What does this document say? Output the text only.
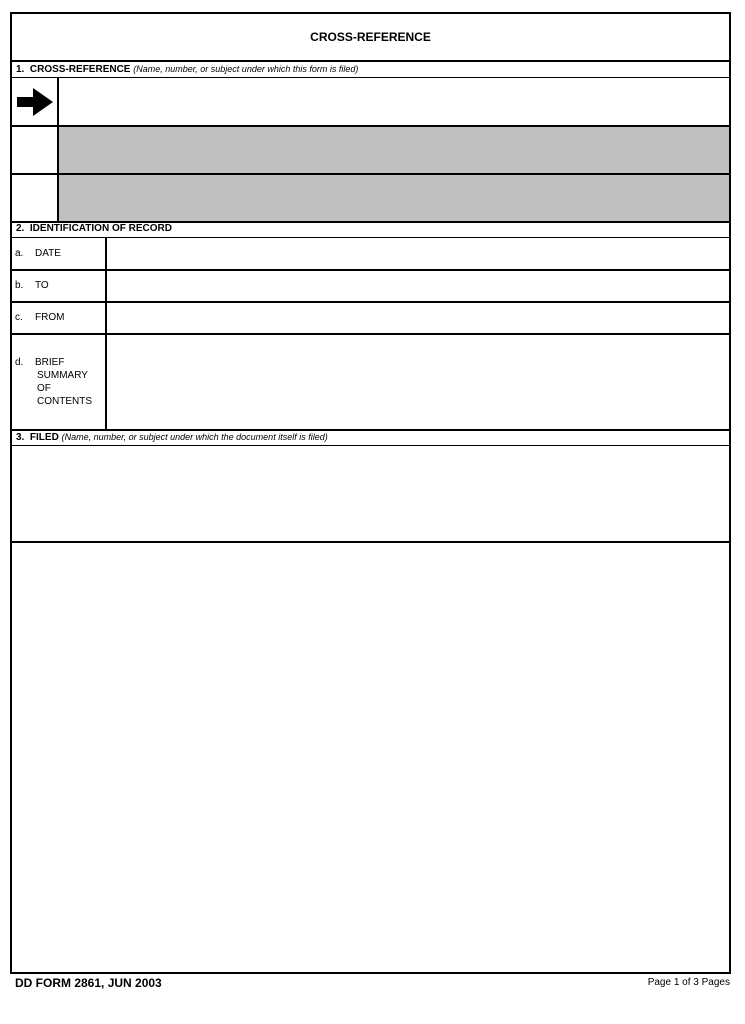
CROSS-REFERENCE
1. CROSS-REFERENCE (Name, number, or subject under which this form is filed)
2. IDENTIFICATION OF RECORD
a. DATE
b. TO
c. FROM
d. BRIEF
SUMMARY
OF
CONTENTS
3. FILED (Name, number, or subject under which the document itself is filed)
DD FORM 2861, JUN 2003	Page 1 of 3 Pages
